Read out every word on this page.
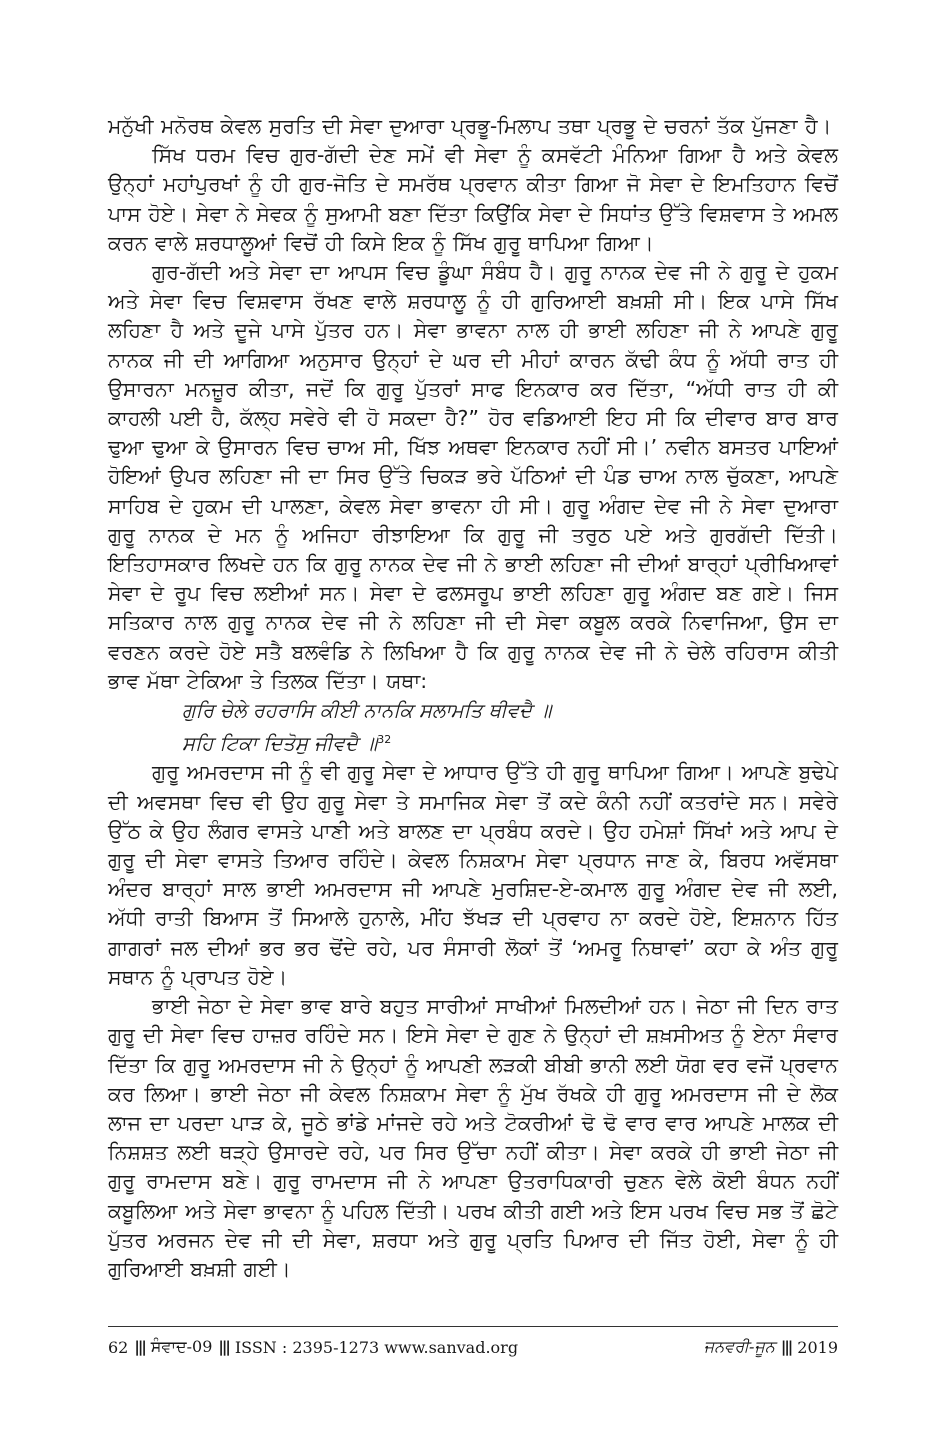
ਮਨੁੱਖੀ ਮਨੋਰਥ ਕੇਵਲ ਸੁਰਤਿ ਦੀ ਸੇਵਾ ਦੁਆਰਾ ਪ੍ਰਭੂ-ਮਿਲਾਪ ਤਥਾ ਪ੍ਰਭੂ ਦੇ ਚਰਨਾਂ ਤੱਕ ਪੁੱਜਣਾ ਹੈ।

ਸਿੱਖ ਧਰਮ ਵਿਚ ਗੁਰ-ਗੱਦੀ ਦੇਣ ਸਮੇਂ ਵੀ ਸੇਵਾ ਨੂੰ ਕਸਵੱਟੀ ਮੰਨਿਆ ਗਿਆ ਹੈ ਅਤੇ ਕੇਵਲ ਉਨ੍ਹਾਂ ਮਹਾਂਪੁਰਖਾਂ ਨੂੰ ਹੀ ਗੁਰ-ਜੋਤਿ ਦੇ ਸਮਰੱਥ ਪ੍ਰਵਾਨ ਕੀਤਾ ਗਿਆ ਜੋ ਸੇਵਾ ਦੇ ਇਮਤਿਹਾਨ ਵਿਚੋਂ ਪਾਸ ਹੋਏ। ਸੇਵਾ ਨੇ ਸੇਵਕ ਨੂੰ ਸੁਆਮੀ ਬਣਾ ਦਿੱਤਾ ਕਿਉਂਕਿ ਸੇਵਾ ਦੇ ਸਿਧਾਂਤ ਉੱਤੇ ਵਿਸ਼ਵਾਸ ਤੇ ਅਮਲ ਕਰਨ ਵਾਲੇ ਸ਼ਰਧਾਲੂਆਂ ਵਿਚੋਂ ਹੀ ਕਿਸੇ ਇਕ ਨੂੰ ਸਿੱਖ ਗੁਰੂ ਥਾਪਿਆ ਗਿਆ।

ਗੁਰ-ਗੱਦੀ ਅਤੇ ਸੇਵਾ ਦਾ ਆਪਸ ਵਿਚ ਡੂੰਘਾ ਸੰਬੰਧ ਹੈ। ਗੁਰੂ ਨਾਨਕ ਦੇਵ ਜੀ ਨੇ ਗੁਰੂ ਦੇ ਹੁਕਮ ਅਤੇ ਸੇਵਾ ਵਿਚ ਵਿਸ਼ਵਾਸ ਰੱਖਣ ਵਾਲੇ ਸ਼ਰਧਾਲੂ ਨੂੰ ਹੀ ਗੁਰਿਆਈ ਬਖ਼ਸ਼ੀ ਸੀ। ਇਕ ਪਾਸੇ ਸਿੱਖ ਲਹਿਣਾ ਹੈ ਅਤੇ ਦੂਜੇ ਪਾਸੇ ਪੁੱਤਰ ਹਨ। ਸੇਵਾ ਭਾਵਨਾ ਨਾਲ ਹੀ ਭਾਈ ਲਹਿਣਾ ਜੀ ਨੇ ਆਪਣੇ ਗੁਰੂ ਨਾਨਕ ਜੀ ਦੀ ਆਗਿਆ ਅਨੁਸਾਰ ਉਨ੍ਹਾਂ ਦੇ ਘਰ ਦੀ ਮੀਹਾਂ ਕਾਰਨ ਕੱਢੀ ਕੰਧ ਨੂੰ ਅੱਧੀ ਰਾਤ ਹੀ ਉਸਾਰਨਾ ਮਨਜ਼ੂਰ ਕੀਤਾ, ਜਦੋਂ ਕਿ ਗੁਰੂ ਪੁੱਤਰਾਂ ਸਾਫ ਇਨਕਾਰ ਕਰ ਦਿੱਤਾ, “ਅੱਧੀ ਰਾਤ ਹੀ ਕੀ ਕਾਹਲੀ ਪਈ ਹੈ, ਕੱਲ੍ਹ ਸਵੇਰੇ ਵੀ ਹੋ ਸਕਦਾ ਹੈ?” ਹੋਰ ਵਡਿਆਈ ਇਹ ਸੀ ਕਿ ਦੀਵਾਰ ਬਾਰ ਬਾਰ ਢੁਆ ਢੁਆ ਕੇ ਉਸਾਰਨ ਵਿਚ ਚਾਅ ਸੀ, ਖਿੱਝ ਅਥਵਾ ਇਨਕਾਰ ਨਹੀਂ ਸੀ।’ ਨਵੀਨ ਬਸਤਰ ਪਾਇਆਂ ਹੋਇਆਂ ਉਪਰ ਲਹਿਣਾ ਜੀ ਦਾ ਸਿਰ ਉੱਤੇ ਚਿਕੜ ਭਰੇ ਪੱਠਿਆਂ ਦੀ ਪੰਡ ਚਾਅ ਨਾਲ ਚੁੱਕਣਾ, ਆਪਣੇ ਸਾਹਿਬ ਦੇ ਹੁਕਮ ਦੀ ਪਾਲਣਾ, ਕੇਵਲ ਸੇਵਾ ਭਾਵਨਾ ਹੀ ਸੀ। ਗੁਰੂ ਅੰਗਦ ਦੇਵ ਜੀ ਨੇ ਸੇਵਾ ਦੁਆਰਾ ਗੁਰੂ ਨਾਨਕ ਦੇ ਮਨ ਨੂੰ ਅਜਿਹਾ ਰੀਝਾਇਆ ਕਿ ਗੁਰੂ ਜੀ ਤਰੁਠ ਪਏ ਅਤੇ ਗੁਰਗੱਦੀ ਦਿੱਤੀ। ਇਤਿਹਾਸਕਾਰ ਲਿਖਦੇ ਹਨ ਕਿ ਗੁਰੂ ਨਾਨਕ ਦੇਵ ਜੀ ਨੇ ਭਾਈ ਲਹਿਣਾ ਜੀ ਦੀਆਂ ਬਾਰ੍ਹਾਂ ਪ੍ਰੀਖਿਆਵਾਂ ਸੇਵਾ ਦੇ ਰੂਪ ਵਿਚ ਲਈਆਂ ਸਨ। ਸੇਵਾ ਦੇ ਫਲਸਰੂਪ ਭਾਈ ਲਹਿਣਾ ਗੁਰੂ ਅੰਗਦ ਬਣ ਗਏ। ਜਿਸ ਸਤਿਕਾਰ ਨਾਲ ਗੁਰੂ ਨਾਨਕ ਦੇਵ ਜੀ ਨੇ ਲਹਿਣਾ ਜੀ ਦੀ ਸੇਵਾ ਕਬੂਲ ਕਰਕੇ ਨਿਵਾਜਿਆ, ਉਸ ਦਾ ਵਰਣਨ ਕਰਦੇ ਹੋਏ ਸਤੈ ਬਲਵੰਡਿ ਨੇ ਲਿਖਿਆ ਹੈ ਕਿ ਗੁਰੂ ਨਾਨਕ ਦੇਵ ਜੀ ਨੇ ਚੇਲੇ ਰਹਿਰਾਸ ਕੀਤੀ ਭਾਵ ਮੱਥਾ ਟੇਕਿਆ ਤੇ ਤਿਲਕ ਦਿੱਤਾ। ਯਥਾ:

ਗੁਰਿ ਚੇਲੇ ਰਹਰਾਸਿ ਕੀਈ ਨਾਨਕਿ ਸਲਾਮਤਿ ਥੀਵਦੈ ॥

ਸਹਿ ਟਿਕਾ ਦਿਤੋਸੁ ਜੀਵਦੈ ॥$^{32}$

ਗੁਰੂ ਅਮਰਦਾਸ ਜੀ ਨੂੰ ਵੀ ਗੁਰੂ ਸੇਵਾ ਦੇ ਆਧਾਰ ਉੱਤੇ ਹੀ ਗੁਰੂ ਥਾਪਿਆ ਗਿਆ। ਆਪਣੇ ਬੁਢੇਪੇ ਦੀ ਅਵਸਥਾ ਵਿਚ ਵੀ ਉਹ ਗੁਰੂ ਸੇਵਾ ਤੇ ਸਮਾਜਿਕ ਸੇਵਾ ਤੋਂ ਕਦੇ ਕੰਨੀ ਨਹੀਂ ਕਤਰਾਂਦੇ ਸਨ। ਸਵੇਰੇ ਉੱਠ ਕੇ ਉਹ ਲੰਗਰ ਵਾਸਤੇ ਪਾਣੀ ਅਤੇ ਬਾਲਣ ਦਾ ਪ੍ਰਬੰਧ ਕਰਦੇ। ਉਹ ਹਮੇਸ਼ਾਂ ਸਿੱਖਾਂ ਅਤੇ ਆਪ ਦੇ ਗੁਰੂ ਦੀ ਸੇਵਾ ਵਾਸਤੇ ਤਿਆਰ ਰਹਿੰਦੇ। ਕੇਵਲ ਨਿਸ਼ਕਾਮ ਸੇਵਾ ਪ੍ਰਧਾਨ ਜਾਣ ਕੇ, ਬਿਰਧ ਅਵੱਸਥਾ ਅੰਦਰ ਬਾਰ੍ਹਾਂ ਸਾਲ ਭਾਈ ਅਮਰਦਾਸ ਜੀ ਆਪਣੇ ਮੁਰਸ਼ਿਦ-ਏ-ਕਮਾਲ ਗੁਰੂ ਅੰਗਦ ਦੇਵ ਜੀ ਲਈ, ਅੱਧੀ ਰਾਤੀ ਬਿਆਸ ਤੋਂ ਸਿਆਲੇ ਹੁਨਾਲੇ, ਮੀਂਹ ਝੱਖੜ ਦੀ ਪ੍ਰਵਾਹ ਨਾ ਕਰਦੇ ਹੋਏ, ਇਸ਼ਨਾਨ ਹਿੱਤ ਗਾਗਰਾਂ ਜਲ ਦੀਆਂ ਭਰ ਭਰ ਢੋਂਦੇ ਰਹੇ, ਪਰ ਸੰਸਾਰੀ ਲੋਕਾਂ ਤੋਂ ‘ਅਮਰੂ ਨਿਥਾਵਾਂ’ ਕਹਾ ਕੇ ਅੰਤ ਗੁਰੂ ਸਥਾਨ ਨੂੰ ਪ੍ਰਾਪਤ ਹੋਏ।

ਭਾਈ ਜੇਠਾ ਦੇ ਸੇਵਾ ਭਾਵ ਬਾਰੇ ਬਹੁਤ ਸਾਰੀਆਂ ਸਾਖੀਆਂ ਮਿਲਦੀਆਂ ਹਨ। ਜੇਠਾ ਜੀ ਦਿਨ ਰਾਤ ਗੁਰੂ ਦੀ ਸੇਵਾ ਵਿਚ ਹਾਜ਼ਰ ਰਹਿੰਦੇ ਸਨ। ਇਸੇ ਸੇਵਾ ਦੇ ਗੁਣ ਨੇ ਉਨ੍ਹਾਂ ਦੀ ਸ਼ਖ਼ਸੀਅਤ ਨੂੰ ਏਨਾ ਸੰਵਾਰ ਦਿੱਤਾ ਕਿ ਗੁਰੂ ਅਮਰਦਾਸ ਜੀ ਨੇ ਉਨ੍ਹਾਂ ਨੂੰ ਆਪਣੀ ਲੜਕੀ ਬੀਬੀ ਭਾਨੀ ਲਈ ਯੋਗ ਵਰ ਵਜੋਂ ਪ੍ਰਵਾਨ ਕਰ ਲਿਆ। ਭਾਈ ਜੇਠਾ ਜੀ ਕੇਵਲ ਨਿਸ਼ਕਾਮ ਸੇਵਾ ਨੂੰ ਮੁੱਖ ਰੱਖਕੇ ਹੀ ਗੁਰੂ ਅਮਰਦਾਸ ਜੀ ਦੇ ਲੋਕ ਲਾਜ ਦਾ ਪਰਦਾ ਪਾੜ ਕੇ, ਜੂਠੇ ਭਾਂਡੇ ਮਾਂਜਦੇ ਰਹੇ ਅਤੇ ਟੋਕਰੀਆਂ ਢੋ ਢੋ ਵਾਰ ਵਾਰ ਆਪਣੇ ਮਾਲਕ ਦੀ ਨਿਸ਼ਸ਼ਤ ਲਈ ਥੜ੍ਹੇ ਉਸਾਰਦੇ ਰਹੇ, ਪਰ ਸਿਰ ਉੱਚਾ ਨਹੀਂ ਕੀਤਾ। ਸੇਵਾ ਕਰਕੇ ਹੀ ਭਾਈ ਜੇਠਾ ਜੀ ਗੁਰੂ ਰਾਮਦਾਸ ਬਣੇ। ਗੁਰੂ ਰਾਮਦਾਸ ਜੀ ਨੇ ਆਪਣਾ ਉਤਰਾਧਿਕਾਰੀ ਚੁਣਨ ਵੇਲੇ ਕੋਈ ਬੰਧਨ ਨਹੀਂ ਕਬੂਲਿਆ ਅਤੇ ਸੇਵਾ ਭਾਵਨਾ ਨੂੰ ਪਹਿਲ ਦਿੱਤੀ। ਪਰਖ ਕੀਤੀ ਗਈ ਅਤੇ ਇਸ ਪਰਖ ਵਿਚ ਸਭ ਤੋਂ ਛੋਟੇ ਪੁੱਤਰ ਅਰਜਨ ਦੇਵ ਜੀ ਦੀ ਸੇਵਾ, ਸ਼ਰਧਾ ਅਤੇ ਗੁਰੂ ਪ੍ਰਤਿ ਪਿਆਰ ਦੀ ਜਿੱਤ ਹੋਈ, ਸੇਵਾ ਨੂੰ ਹੀ ਗੁਰਿਆਈ ਬਖ਼ਸ਼ੀ ਗਈ।

62 ||| ਸੰਵਾਦ-09 ||| ISSN : 2395-1273 www.sanvad.org	ਜਨਵਰੀ-ਜੂਨ ||| 2019
